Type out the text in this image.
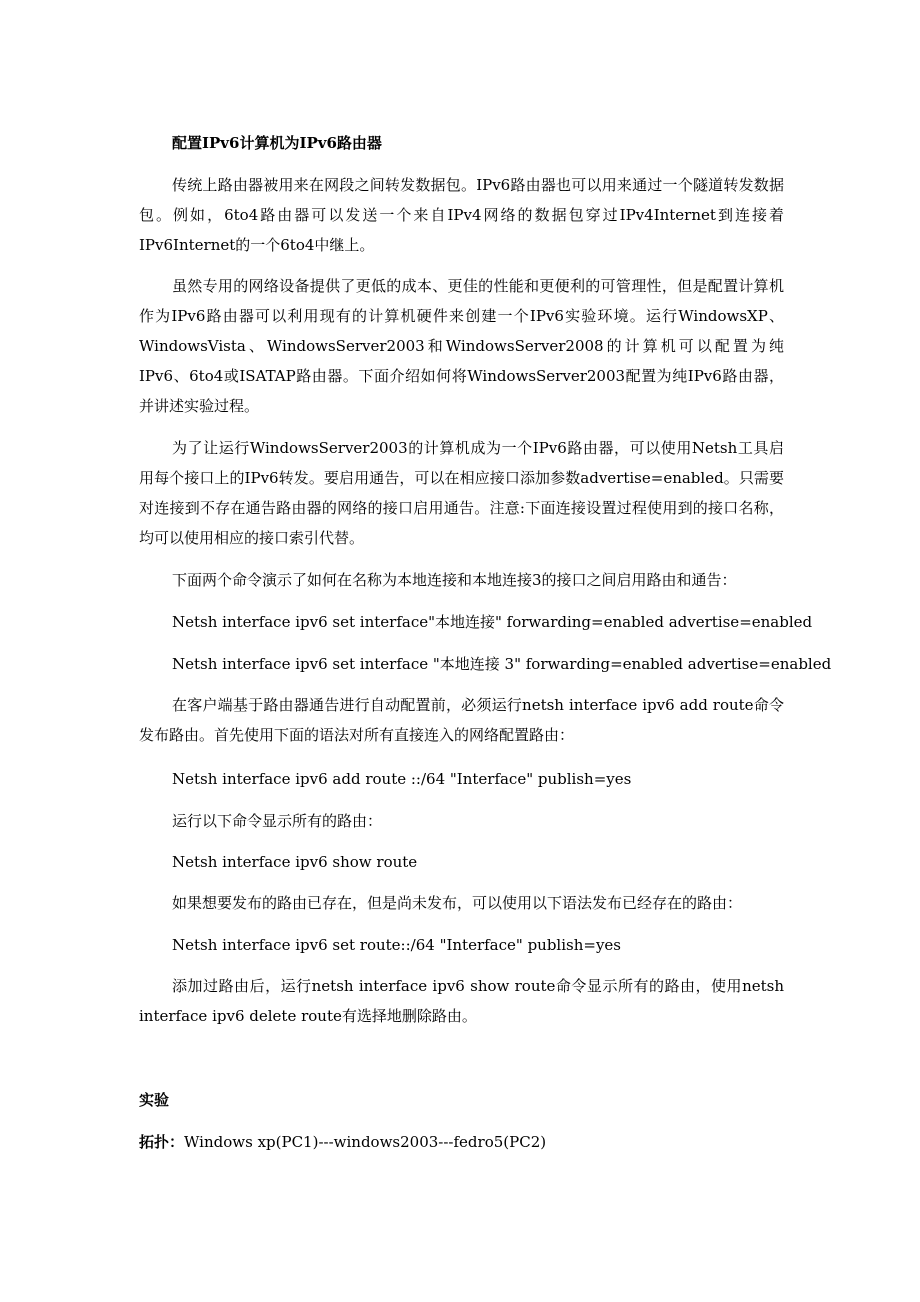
配置IPv6计算机为IPv6路由器

传统上路由器被用来在网段之间转发数据包。IPv6路由器也可以用来通过一个隧道转发数据包。例如，6to4路由器可以发送一个来自IPv4网络的数据包穿过IPv4Internet到连接着IPv6Internet的一个6to4中继上。

虽然专用的网络设备提供了更低的成本、更佳的性能和更便利的可管理性，但是配置计算机作为IPv6路由器可以利用现有的计算机硬件来创建一个IPv6实验环境。运行WindowsXP、WindowsVista、WindowsServer2003和WindowsServer2008的计算机可以配置为纯IPv6、6to4或ISATAP路由器。下面介绍如何将WindowsServer2003配置为纯IPv6路由器，并讲述实验过程。

为了让运行WindowsServer2003的计算机成为一个IPv6路由器，可以使用Netsh工具启用每个接口上的IPv6转发。要启用通告，可以在相应接口添加参数advertise=enabled。只需要对连接到不存在通告路由器的网络的接口启用通告。注意:下面连接设置过程使用到的接口名称，均可以使用相应的接口索引代替。

下面两个命令演示了如何在名称为本地连接和本地连接3的接口之间启用路由和通告：
Netsh interface ipv6 set interface"本地连接" forwarding=enabled advertise=enabled
Netsh interface ipv6 set interface "本地连接 3" forwarding=enabled advertise=enabled

在客户端基于路由器通告进行自动配置前，必须运行netsh interface ipv6 add route命令发布路由。首先使用下面的语法对所有直接连入的网络配置路由：

Netsh interface ipv6 add route ::/64 "Interface" publish=yes
运行以下命令显示所有的路由：
Netsh interface ipv6 show route
如果想要发布的路由已存在，但是尚未发布，可以使用以下语法发布已经存在的路由：
Netsh interface ipv6 set route::/64 "Interface" publish=yes

添加过路由后，运行netsh interface ipv6 show route命令显示所有的路由，使用netsh interface ipv6 delete route有选择地删除路由。

实验
拓扑：Windows xp(PC1)---windows2003---fedro5(PC2)
